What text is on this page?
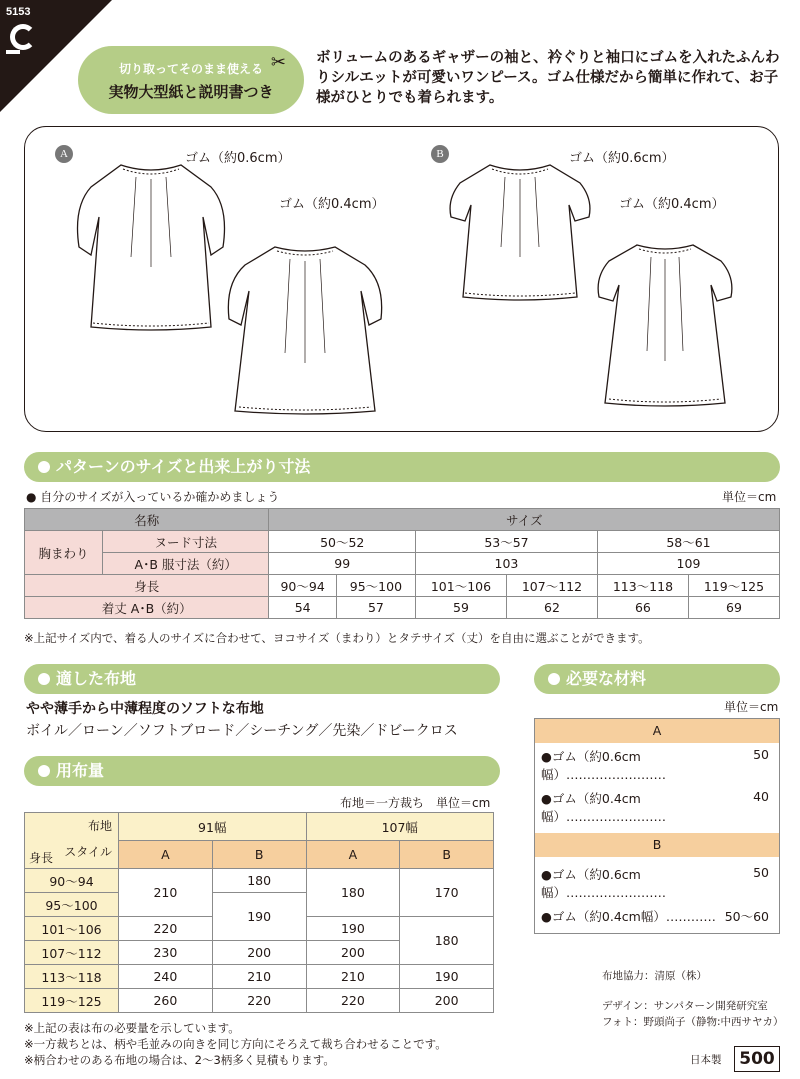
5153
切り取ってそのまま使える
実物大型紙と説明書つき
✂ ボリュームのあるギャザーの袖と、衿ぐりと袖口にゴムを入れたふんわりシルエットが可愛いワンピース。ゴム仕様だから簡単に作れて、お子様がひとりでも着られます。
A	B
ゴム（約0.6cm）
ゴム（約0.4cm）
ゴム（約0.6cm）
ゴム（約0.4cm）
パターンのサイズと出来上がり寸法
● 自分のサイズが入っているか確かめましょう	単位＝cm
名称		サイズ					
胸まわり	ヌード寸法	50〜52		53〜57		58〜61	
	A･B 服寸法（約）	99		103		109	
身長		90〜94	95〜100	101〜106	107〜112	113〜118	119〜125
着丈 A･B（約）		54	57	59	62	66	69
※上記サイズ内で、着る人のサイズに合わせて、ヨコサイズ（まわり）とタテサイズ（丈）を自由に選ぶことができます。
適した布地
やや薄手から中薄程度のソフトな布地
ボイル／ローン／ソフトブロード／シーチング／先染／ドビークロス
用布量
布地＝一方裁ち　単位＝cm
布地
スタイル
身長	91幅		107幅	
	A	B	A	B
90〜94	210	180	180	170
95〜100		190		
101〜106	220		190	180
107〜112	230	200	200	
113〜118	240	210	210	190
119〜125	260	220	220	200
※上記の表は布の必要量を示しています。
※一方裁ちとは、柄や毛並みの向きを同じ方向にそろえて裁ち合わせることです。
※柄合わせのある布地の場合は、2〜3柄多く見積もります。
必要な材料
単位＝cm
A
●ゴム（約0.6cm幅）……………………
50
●ゴム（約0.4cm幅）……………………
40
B
●ゴム（約0.6cm幅）……………………
50
●ゴム（約0.4cm幅）………… 50〜60
布地協力：清原（株）
デザイン：サンパターン開発研究室
フォト：野頭尚子（静物:中西サヤカ）
日本製	500
